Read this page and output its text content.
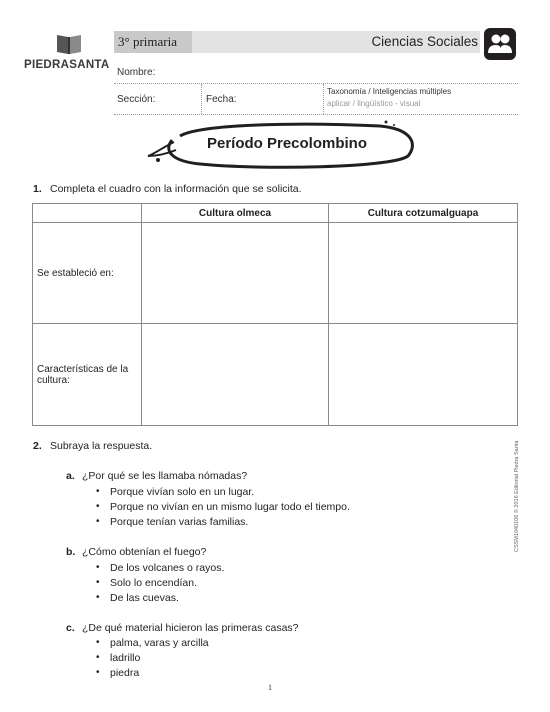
PIEDRASANTA
3° primaria	Ciencias Sociales
Nombre:
Sección:	Fecha:
Taxonomía / Inteligencias múltiples
aplicar / lingüístico - visual
Período Precolombino
1. Completa el cuadro con la información que se solicita.
	Cultura olmeca	Cultura cotzumalguapa
Se estableció en:		
Características de la
cultura:		
2. Subraya la respuesta.
a. ¿Por qué se les llamaba nómadas?
• Porque vivían solo en un lugar.
• Porque no vivían en un mismo lugar todo el tiempo.
• Porque tenían varias familias.
b. ¿Cómo obtenían el fuego?
• De los volcanes o rayos.
• Solo lo encendían.
• De las cuevas.
c. ¿De qué material hicieron las primeras casas?
• palma, varas y arcilla
• ladrillo
• piedra
CSSM1040106 © 2016 Editorial Piedra Santa
1
